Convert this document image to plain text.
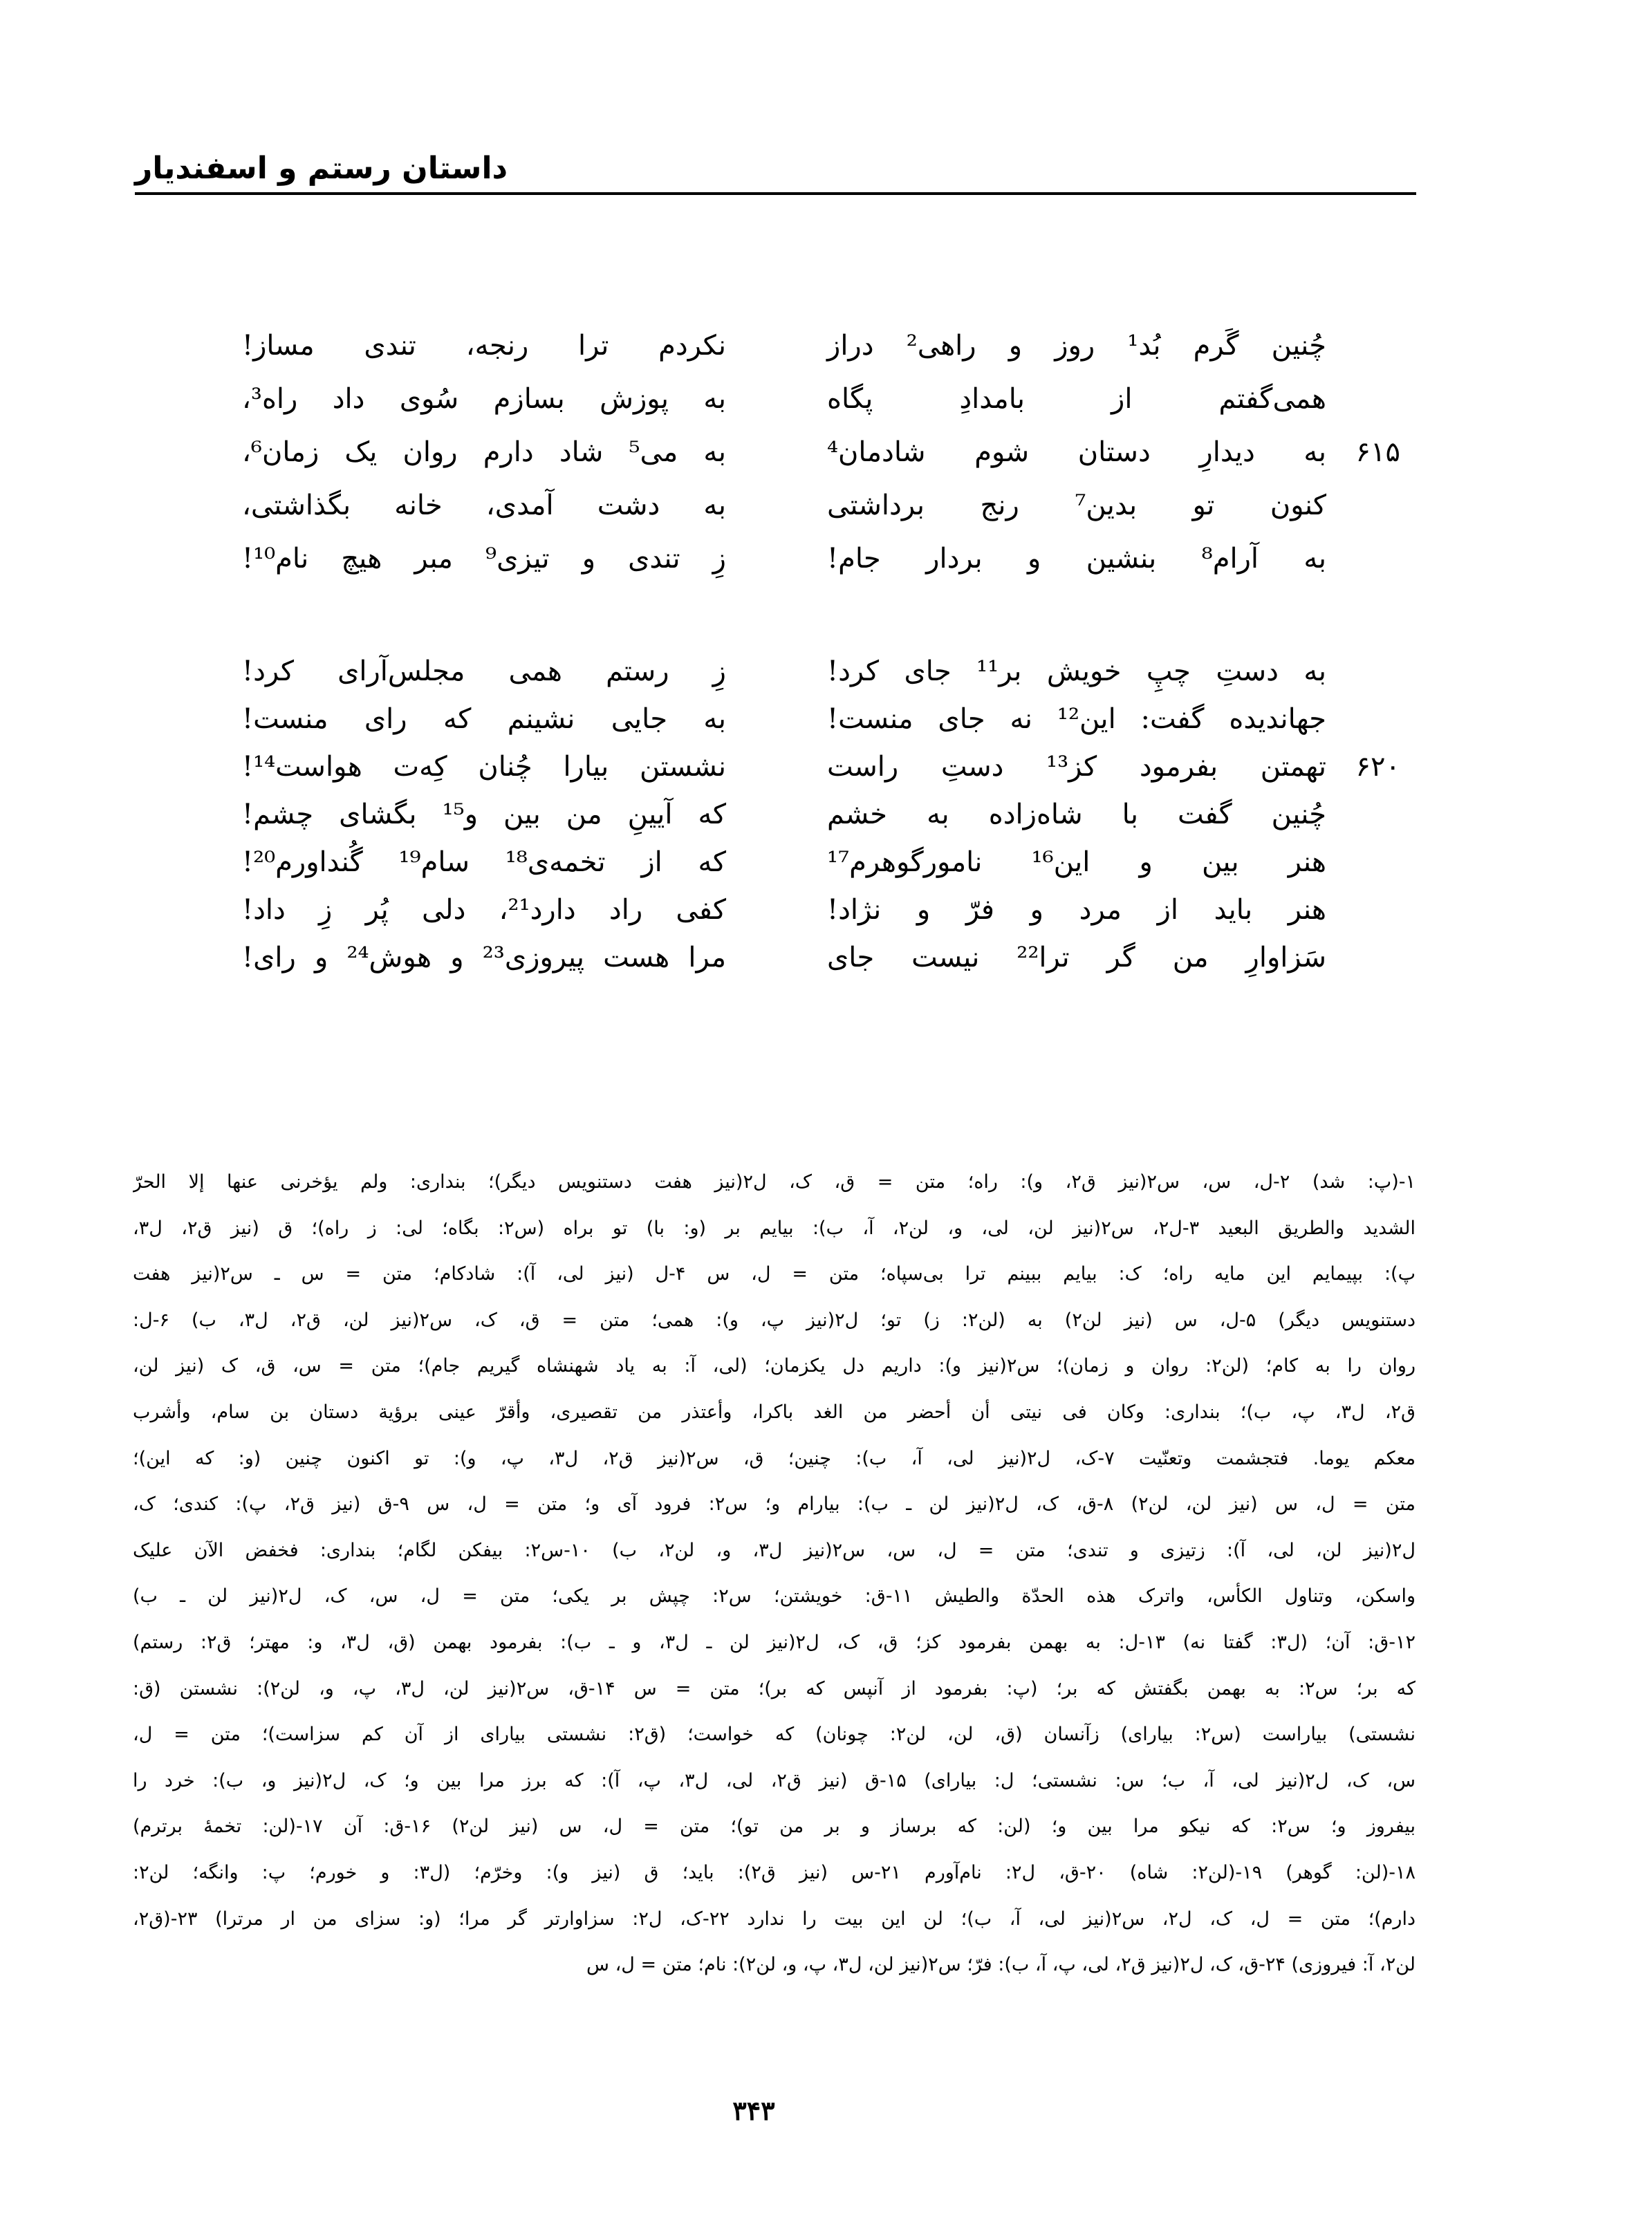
داستان رستم و اسفندیار
چُنین گَرم بُد¹ روز و راهی² دراز
همی‌گفتم از بامدادِ پگاه
به دیدارِ دستان شوم شادمان⁴
کنون تو بدین⁷ رنج برداشتی
به آرام⁸ بنشین و بردار جام!
۶۱۵
نکردم ترا رنجه، تندی مساز!
به پوزش بسازم سُوی داد راه³،
به می⁵ شاد دارم روان یک زمان⁶،
به دشت آمدی، خانه بگذاشتی،
زِ تندی و تیزی⁹ مبر هیچ نام¹⁰!
به دستِ چپِ خویش بر¹¹ جای کرد!
جهاندیده گفت: این¹² نه جای منست!
تهمتن بفرمود کز¹³ دستِ راست
چُنین گفت با شاه‌زاده به خشم
هنر بین و این¹⁶ نامورگوهرم¹⁷
هنر باید از مرد و فرّ و نژاد!
سَزاوارِ من گر ترا²² نیست جای
۶۲۰
زِ رستم همی مجلس‌آرای کرد!
به جایی نشینم که رای منست!
نشستن بیارا چُنان کِه‌ت هواست¹⁴!
که آیینِ من بین و¹⁵ بگشای چشم!
که از تخمه‌ی¹⁸ سام¹⁹ گُنداورم²⁰!
کفی راد دارد²¹، دلی پُر زِ داد!
مرا هست پیروزی²³ و هوش²⁴ و رای!
۱-(پ: شد) ۲-ل، س، س۲(نیز ق۲، و): راه؛ متن = ق، ک، ل۲(نیز هفت دستنویس دیگر)؛ بنداری: ولم یؤخرنی عنها إلا الحرّ
الشدید والطریق البعید ۳-ل۲، س۲(نیز لن، لی، و، لن۲، آ، ب): بیایم بر (و: با) تو براه (س۲: بگاه؛ لی: ز راه)؛ ق (نیز ق۲، ل۳،
پ): بپیمایم این مایه راه؛ ک: بیایم ببینم ترا بی‌سپاه؛ متن = ل، س ۴-ل (نیز لی، آ): شادکام؛ متن = س ـ س۲(نیز هفت
دستنویس دیگر) ۵-ل، س (نیز لن۲) به (لن۲: ز) تو؛ ل۲(نیز پ، و): همی؛ متن = ق، ک، س۲(نیز لن، ق۲، ل۳، ب) ۶-ل:
روان را به کام؛ (لن۲: روان و زمان)؛ س۲(نیز و): داریم دل یکزمان؛ (لی، آ: به یاد شهنشاه گیریم جام)؛ متن = س، ق، ک (نیز لن،
ق۲، ل۳، پ، ب)؛ بنداری: وکان فی نیتی أن أحضر من الغد باکرا، وأعتذر من تقصیری، وأقرّ عینی برؤیة دستان بن سام، وأشرب
معکم یوما. فتجشمت وتعنّیت ۷-ک، ل۲(نیز لی، آ، ب): چنین؛ ق، س۲(نیز ق۲، ل۳، پ، و): تو اکنون چنین (و: که این)؛
متن = ل، س (نیز لن، لن۲) ۸-ق، ک، ل۲(نیز لن ـ ب): بیارام و؛ س۲: فرود آی و؛ متن = ل، س ۹-ق (نیز ق۲، پ): کندی؛ ک،
ل۲(نیز لن، لی، آ): زتیزی و تندی؛ متن = ل، س، س۲(نیز ل۳، و، لن۲، ب) ۱۰-س۲: بیفکن لگام؛ بنداری: فخفض الآن علیک
واسکن، وتناول الکأس، واترک هذه الحدّة والطیش ۱۱-ق: خویشتن؛ س۲: چپش بر یکی؛ متن = ل، س، ک، ل۲(نیز لن ـ ب)
۱۲-ق: آن؛ (ل۳: گفتا نه) ۱۳-ل: به بهمن بفرمود کز؛ ق، ک، ل۲(نیز لن ـ ل۳، و ـ ب): بفرمود بهمن (ق، ل۳، و: مهتر؛ ق۲: رستم)
که بر؛ س۲: به بهمن بگفتش که بر؛ (پ: بفرمود از آنپس که بر)؛ متن = س ۱۴-ق، س۲(نیز لن، ل۳، پ، و، لن۲): نشستن (ق:
نشستی) بیاراست (س۲: بیارای) زآنسان (ق، لن، لن۲: چونان) که خواست؛ (ق۲: نشستی بیارای از آن کم سزاست)؛ متن = ل،
س، ک، ل۲(نیز لی، آ، ب؛ س: نشستی؛ ل: بیارای) ۱۵-ق (نیز ق۲، لی، ل۳، پ، آ): که برز مرا بین و؛ ک، ل۲(نیز و، ب): خرد را
بیفروز و؛ س۲: که نیکو مرا بین و؛ (لن: که برساز و بر من تو)؛ متن = ل، س (نیز لن۲) ۱۶-ق: آن ۱۷-(لن: تخمهٔ برترم)
۱۸-(لن: گوهر) ۱۹-(لن۲: شاه) ۲۰-ق، ل۲: نام‌آورم ۲۱-س (نیز ق۲): باید؛ ق (نیز و): وخرّم؛ (ل۳: و خورم؛ پ: وانگه؛ لن۲:
دارم)؛ متن = ل، ک، ل۲، س۲(نیز لی، آ، ب)؛ لن این بیت را ندارد ۲۲-ک، ل۲: سزاوارتر گر مرا؛ (و: سزای من ار مرترا) ۲۳-(ق۲،
لن۲، آ: فیروزی) ۲۴-ق، ک، ل۲(نیز ق۲، لی، پ، آ، ب): فرّ؛ س۲(نیز لن، ل۳، پ، و، لن۲): نام؛ متن = ل، س
۳۴۳
